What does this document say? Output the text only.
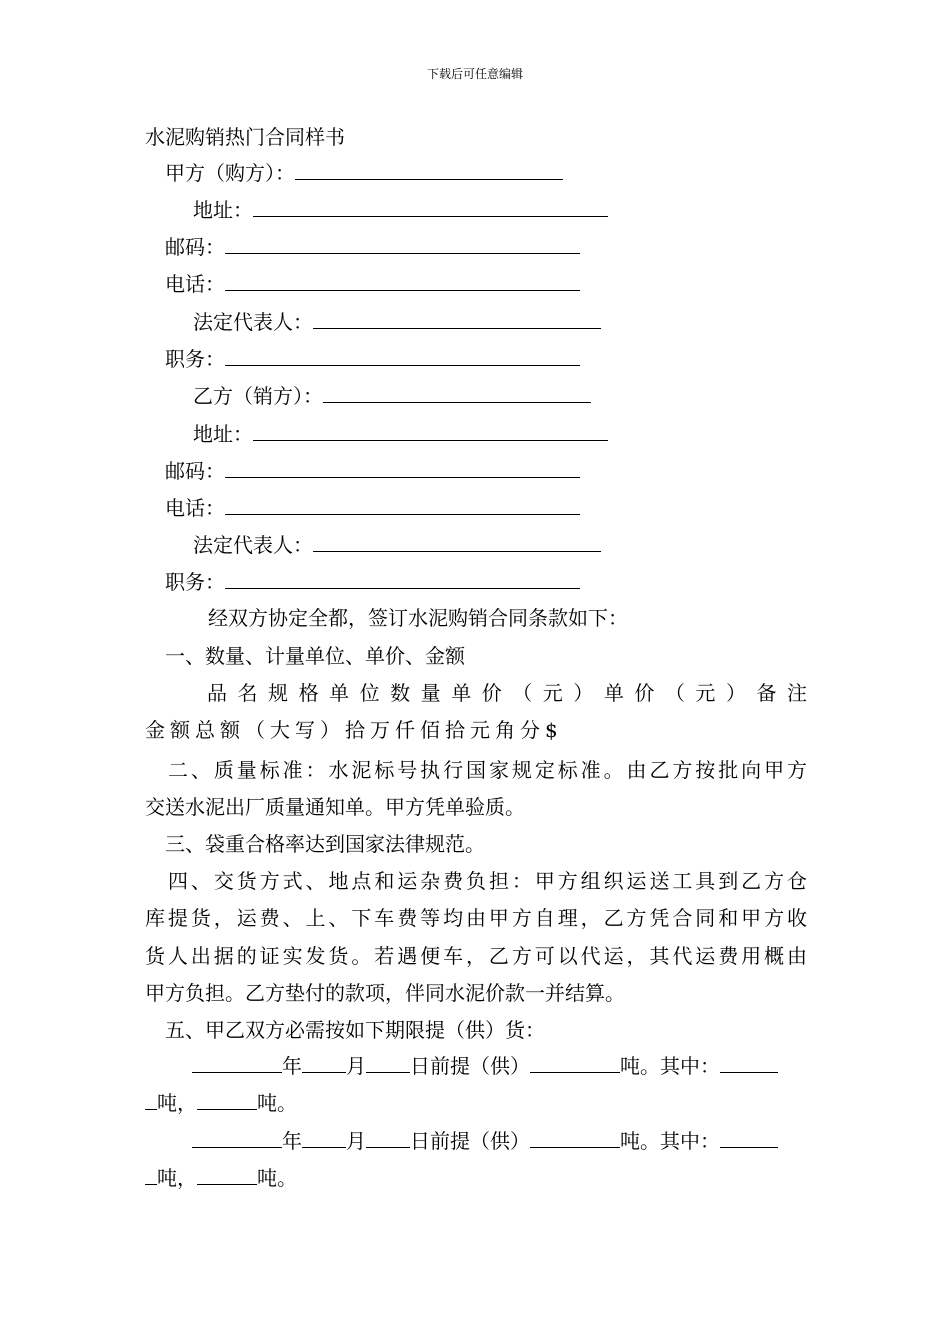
下载后可任意编辑
水泥购销热门合同样书
甲方（购方）：
地址：
邮码：
电话：
法定代表人：
职务：
乙方（销方）：
地址：
邮码：
电话：
法定代表人：
职务：
经双方协定全都，签订水泥购销合同条款如下：
一、数量、计量单位、单价、金额
品名规格单位数量单价（元）单价（元）备注
金额总额（大写）拾万仟佰拾元角分$
二、质量标准：水泥标号执行国家规定标准。由乙方按批向甲方
交送水泥出厂质量通知单。甲方凭单验质。
三、袋重合格率达到国家法律规范。
四、交货方式、地点和运杂费负担：甲方组织运送工具到乙方仓
库提货，运费、上、下车费等均由甲方自理，乙方凭合同和甲方收
货人出据的证实发货。若遇便车，乙方可以代运，其代运费用概由
甲方负担。乙方垫付的款项，伴同水泥价款一并结算。
五、甲乙双方必需按如下期限提（供）货：
年 月 日前提（供）	吨。其中：
吨，	吨。
年 月 日前提（供）	吨。其中：
吨，	吨。
